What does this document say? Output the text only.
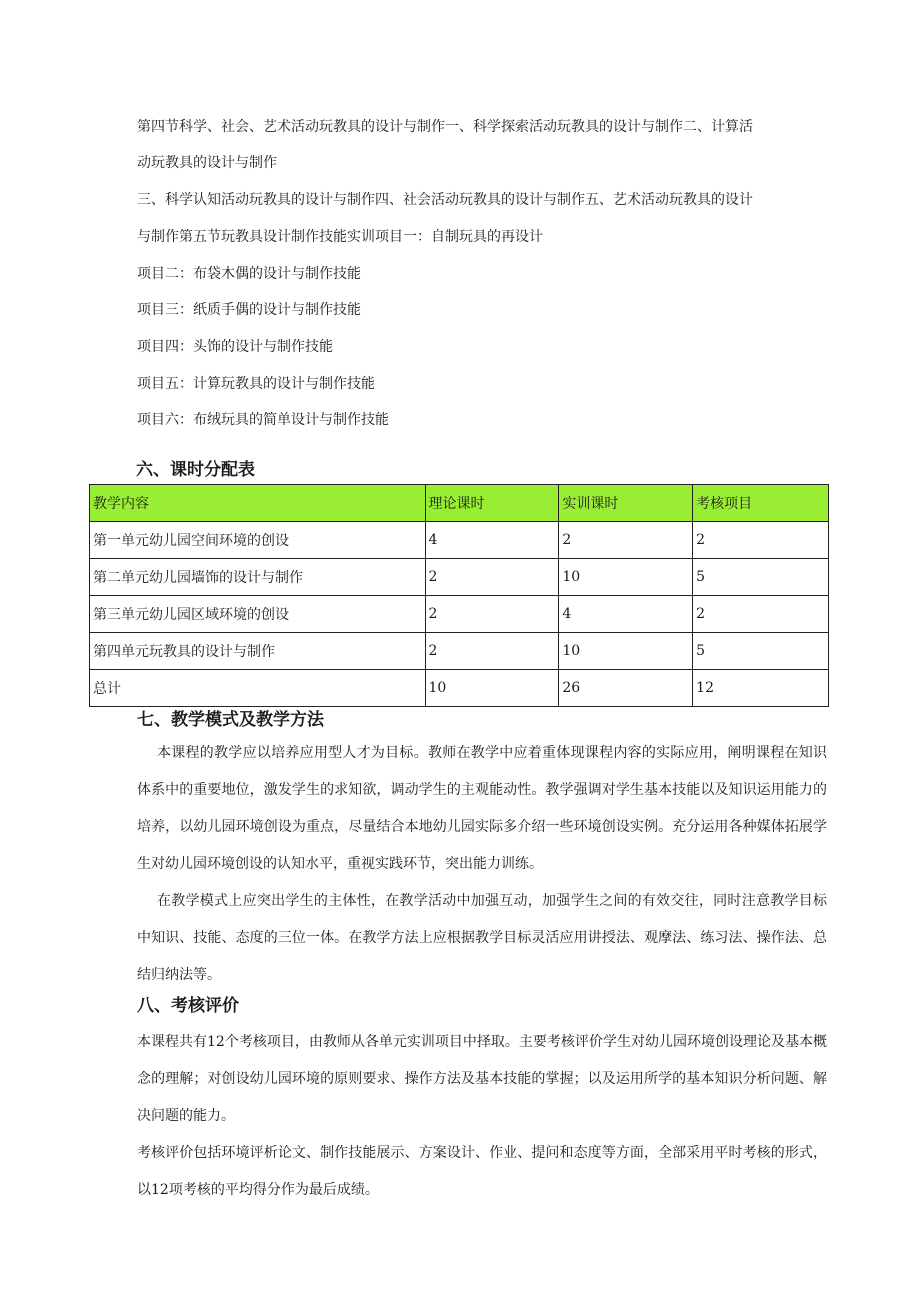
第四节科学、社会、艺术活动玩教具的设计与制作一、科学探索活动玩教具的设计与制作二、计算活

动玩教具的设计与制作

三、科学认知活动玩教具的设计与制作四、社会活动玩教具的设计与制作五、艺术活动玩教具的设计

与制作第五节玩教具设计制作技能实训项目一：自制玩具的再设计

项目二：布袋木偶的设计与制作技能

项目三：纸质手偶的设计与制作技能

项目四：头饰的设计与制作技能

项目五：计算玩教具的设计与制作技能

项目六：布绒玩具的简单设计与制作技能

六、课时分配表
教学内容	理论课时	实训课时	考核项目
第一单元幼儿园空间环境的创设	4	2	2
第二单元幼儿园墙饰的设计与制作	2	10	5
第三单元幼儿园区域环境的创设	2	4	2
第四单元玩教具的设计与制作	2	10	5
总计	10	26	12
七、教学模式及教学方法

本课程的教学应以培养应用型人才为目标。教师在教学中应着重体现课程内容的实际应用，阐明课程在知识体系中的重要地位，激发学生的求知欲，调动学生的主观能动性。教学强调对学生基本技能以及知识运用能力的培养，以幼儿园环境创设为重点，尽量结合本地幼儿园实际多介绍一些环境创设实例。充分运用各种媒体拓展学生对幼儿园环境创设的认知水平，重视实践环节，突出能力训练。

在教学模式上应突出学生的主体性，在教学活动中加强互动，加强学生之间的有效交往，同时注意教学目标中知识、技能、态度的三位一体。在教学方法上应根据教学目标灵活应用讲授法、观摩法、练习法、操作法、总结归纳法等。

八、考核评价

本课程共有12个考核项目，由教师从各单元实训项目中择取。主要考核评价学生对幼儿园环境创设理论及基本概念的理解；对创设幼儿园环境的原则要求、操作方法及基本技能的掌握；以及运用所学的基本知识分析问题、解决问题的能力。

考核评价包括环境评析论文、制作技能展示、方案设计、作业、提问和态度等方面，全部采用平时考核的形式，以12项考核的平均得分作为最后成绩。
